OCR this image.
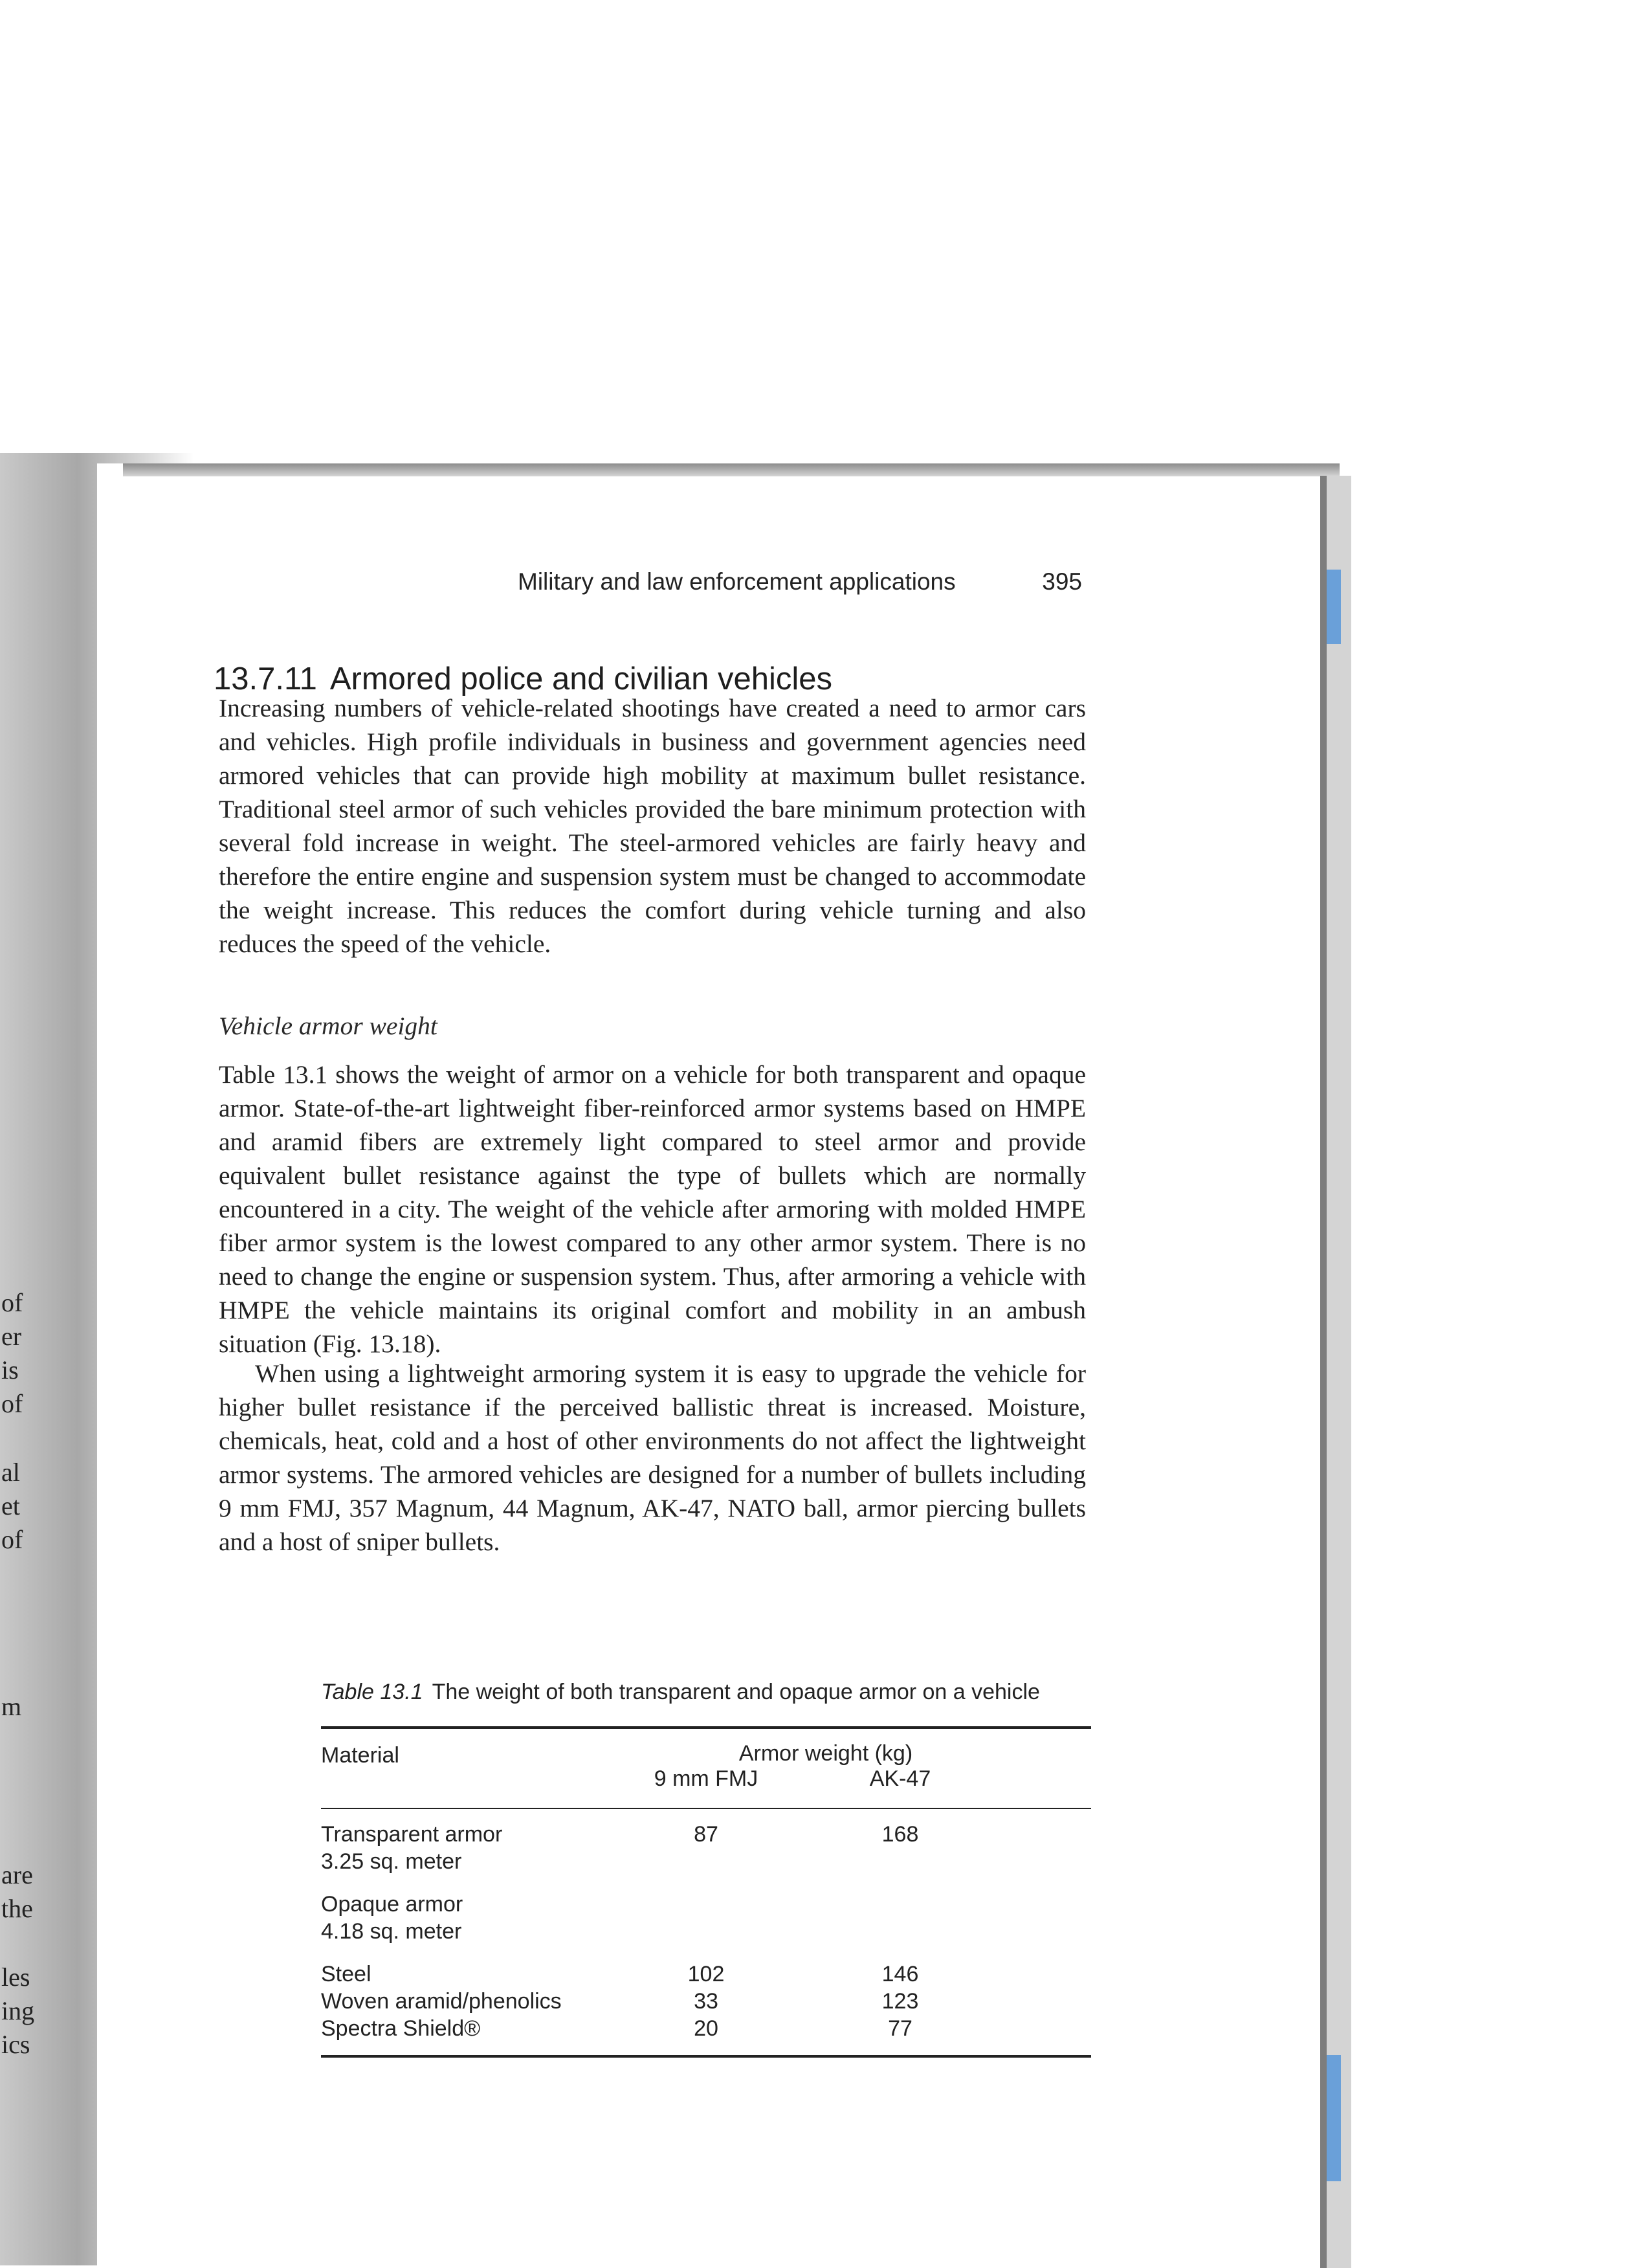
of
er
is
of
al
et
of
m
are
the
les
ing
ics
Military and law enforcement applications	395
13.7.11 Armored police and civilian vehicles

Increasing numbers of vehicle-related shootings have created a need to armor cars and vehicles. High profile individuals in business and government agencies need armored vehicles that can provide high mobility at maximum bullet resistance. Traditional steel armor of such vehicles provided the bare minimum protection with several fold increase in weight. The steel-armored vehicles are fairly heavy and therefore the entire engine and suspension system must be changed to accommodate the weight increase. This reduces the comfort during vehicle turning and also reduces the speed of the vehicle.

Vehicle armor weight

Table 13.1 shows the weight of armor on a vehicle for both transparent and opaque armor. State-of-the-art lightweight fiber-reinforced armor systems based on HMPE and aramid fibers are extremely light compared to steel armor and provide equivalent bullet resistance against the type of bullets which are normally encountered in a city. The weight of the vehicle after armoring with molded HMPE fiber armor system is the lowest compared to any other armor system. There is no need to change the engine or suspension system. Thus, after armoring a vehicle with HMPE the vehicle maintains its original comfort and mobility in an ambush situation (Fig. 13.18).

When using a lightweight armoring system it is easy to upgrade the vehicle for higher bullet resistance if the perceived ballistic threat is increased. Moisture, chemicals, heat, cold and a host of other environments do not affect the lightweight armor systems. The armored vehicles are designed for a number of bullets including 9 mm FMJ, 357 Magnum, 44 Magnum, AK-47, NATO ball, armor piercing bullets and a host of sniper bullets.

Table 13.1 The weight of both transparent and opaque armor on a vehicle
Material	Armor weight (kg)
9 mm FMJ	AK-47
Transparent armor	87	168
3.25 sq. meter
Opaque armor
4.18 sq. meter
Steel	102	146
Woven aramid/phenolics	33	123
Spectra Shield®	20	77
